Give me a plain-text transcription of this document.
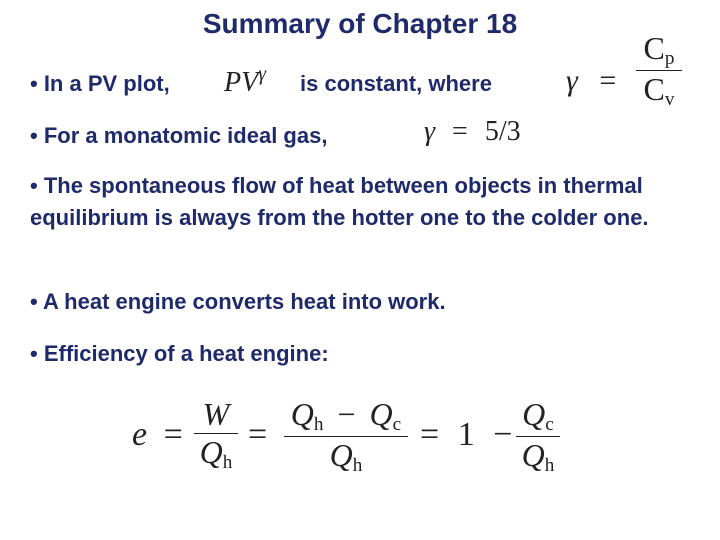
Summary of Chapter 18
• In a PV plot, $PV^\gamma$ is constant, where γ =
$C_p$
$C_v$
• For a monatomic ideal gas,	γ = 5/3
• The spontaneous flow of heat between objects in thermal equilibrium is always from the hotter one to the colder one.
• A heat engine converts heat into work.
• Efficiency of a heat engine:
e =
W
$Q_h$
=
$Q_h - Q_c$
$Q_h$
= 1 −
$Q_c$
$Q_h$
